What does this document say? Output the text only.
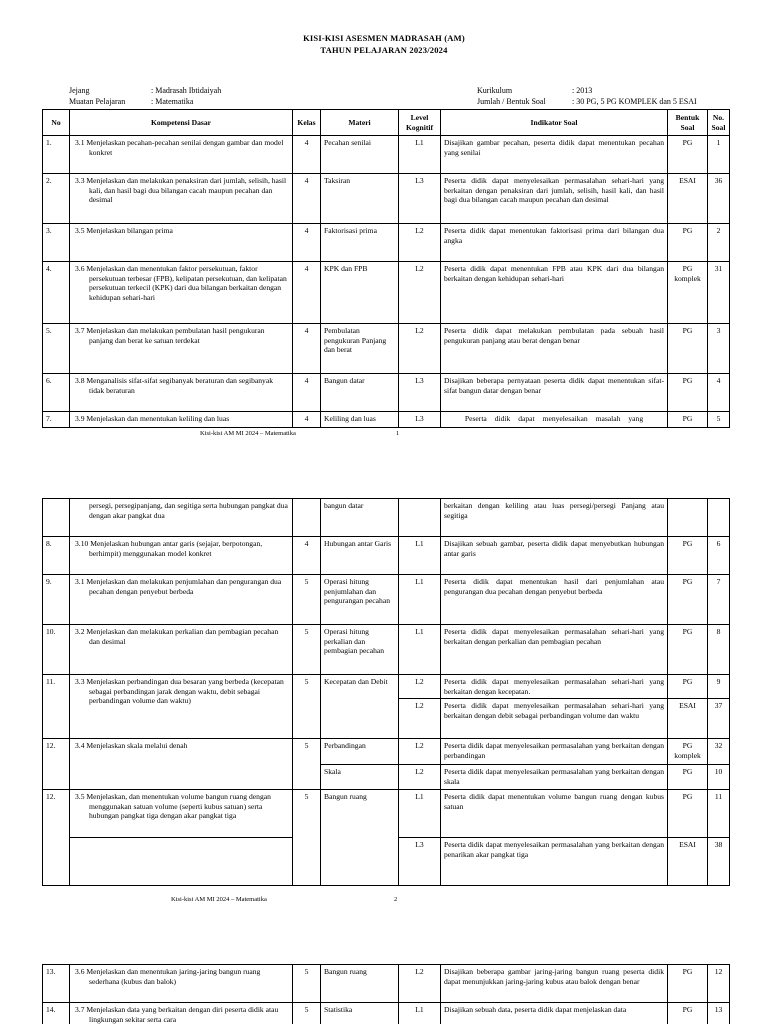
KISI-KISI ASESMEN MADRASAH (AM)
TAHUN PELAJARAN 2023/2024
Jejang	: Madrasah Ibtidaiyah
Muatan Pelajaran	: Matematika
Kurikulum	: 2013
Jumlah / Bentuk Soal	: 30 PG, 5 PG KOMPLEK dan 5 ESAI
No	Kompetensi Dasar	Kelas	Materi	Level Kognitif	Indikator Soal	Bentuk Soal	No. Soal
1.	3.1 Menjelaskan pecahan-pecahan senilai dengan gambar dan model konkret	4	Pecahan senilai	L1	Disajikan gambar pecahan, peserta didik dapat menentukan pecahan yang senilai	PG	1
2.	3.3 Menjelaskan dan melakukan penaksiran dari jumlah, selisih, hasil kali, dan hasil bagi dua bilangan cacah maupun pecahan dan desimal	4	Taksiran	L3	Peserta didik dapat menyelesaikan permasalahan sehari-hari yang berkaitan dengan penaksiran dari jumlah, selisih, hasil kali, dan hasil bagi dua bilangan cacah maupun pecahan dan desimal	ESAI	36
3.	3.5 Menjelaskan bilangan prima	4	Faktorisasi prima	L2	Peserta didik dapat menentukan faktorisasi prima dari bilangan dua angka	PG	2
4.	3.6 Menjelaskan dan menentukan faktor persekutuan, faktor persekutuan terbesar (FPB), kelipatan persekutuan, dan kelipatan persekutuan terkecil (KPK) dari dua bilangan berkaitan dengan kehidupan sehari-hari	4	KPK dan FPB	L2	Peserta didik dapat menentukan FPB atau KPK dari dua bilangan berkaitan dengan kehidupan sehari-hari	PG komplek	31
5.	3.7 Menjelaskan dan melakukan pembulatan hasil pengukuran panjang dan berat ke satuan terdekat	4	Pembulatan pengukuran Panjang dan berat	L2	Peserta didik dapat melakukan pembulatan pada sebuah hasil pengukuran panjang atau berat dengan benar	PG	3
6.	3.8 Menganalisis sifat-sifat segibanyak beraturan dan segibanyak tidak beraturan	4	Bangun datar	L3	Disajikan beberapa pernyataan peserta didik dapat menentukan sifat-sifat bangun datar dengan benar	PG	4
7.	3.9 Menjelaskan dan menentukan keliling dan luas	4	Keliling dan luas	L3	Peserta didik dapat menyelesaikan masalah yang	PG	5
Kisi-kisi AM MI 2024 – Matematika	1

	persegi, persegipanjang, dan segitiga serta hubungan pangkat dua dengan akar pangkat dua		bangun datar		berkaitan dengan keliling atau luas persegi/persegi Panjang atau segitiga		
8.	3.10 Menjelaskan hubungan antar garis (sejajar, berpotongan, berhimpit) menggunakan model konkret	4	Hubungan antar Garis	L1	Disajikan sebuah gambar, peserta didik dapat menyebutkan hubungan antar garis	PG	6
9.	3.1 Menjelaskan dan melakukan penjumlahan dan pengurangan dua pecahan dengan penyebut berbeda	5	Operasi hitung penjumlahan dan pengurangan pecahan	L1	Peserta didik dapat menentukan hasil dari penjumlahan atau pengurangan dua pecahan dengan penyebut berbeda	PG	7
10.	3.2 Menjelaskan dan melakukan perkalian dan pembagian pecahan dan desimal	5	Operasi hitung perkalian dan pembagian pecahan	L1	Peserta didik dapat menyelesaikan permasalahan sehari-hari yang berkaitan dengan perkalian dan pembagian pecahan	PG	8
11.	3.3 Menjelaskan perbandingan dua besaran yang berbeda (kecepatan sebagai perbandingan jarak dengan waktu, debit sebagai perbandingan volume dan waktu)	5	Kecepatan dan Debit	L2	Peserta didik dapat menyelesaikan permasalahan sehari-hari yang berkaitan dengan kecepatan.	PG	9
				L2	Peserta didik dapat menyelesaikan permasalahan sehari-hari yang berkaitan dengan debit sebagai perbandingan volume dan waktu	ESAI	37
12.	3.4 Menjelaskan skala melalui denah	5	Perbandingan	L2	Peserta didik dapat menyelesaikan permasalahan yang berkaitan dengan perbandingan	PG komplek	32
			Skala	L2	Peserta didik dapat menyelesaikan permasalahan yang berkaitan dengan skala	PG	10
12.	3.5 Menjelaskan, dan menentukan volume bangun ruang dengan menggunakan satuan volume (seperti kubus satuan) serta hubungan pangkat tiga dengan akar pangkat tiga	5	Bangun ruang	L1	Peserta didik dapat menentukan volume bangun ruang dengan kubus satuan	PG	11
				L3	Peserta didik dapat menyelesaikan permasalahan yang berkaitan dengan penarikan akar pangkat tiga	ESAI	38
Kisi-kisi AM MI 2024 – Matematika	2
13.	3.6 Menjelaskan dan menentukan jaring-jaring bangun ruang sederhana (kubus dan balok)	5	Bangun ruang	L2	Disajikan beberapa gambar jaring-jaring bangun ruang peserta didik dapat menunjukkan jaring-jaring kubus atau balok dengan benar	PG	12
14.	3.7 Menjelaskan data yang berkaitan dengan diri peserta didik atau lingkungan sekitar serta cara	5	Statistika	L1	Disajikan sebuah data, peserta didik dapat menjelaskan data	PG	13
